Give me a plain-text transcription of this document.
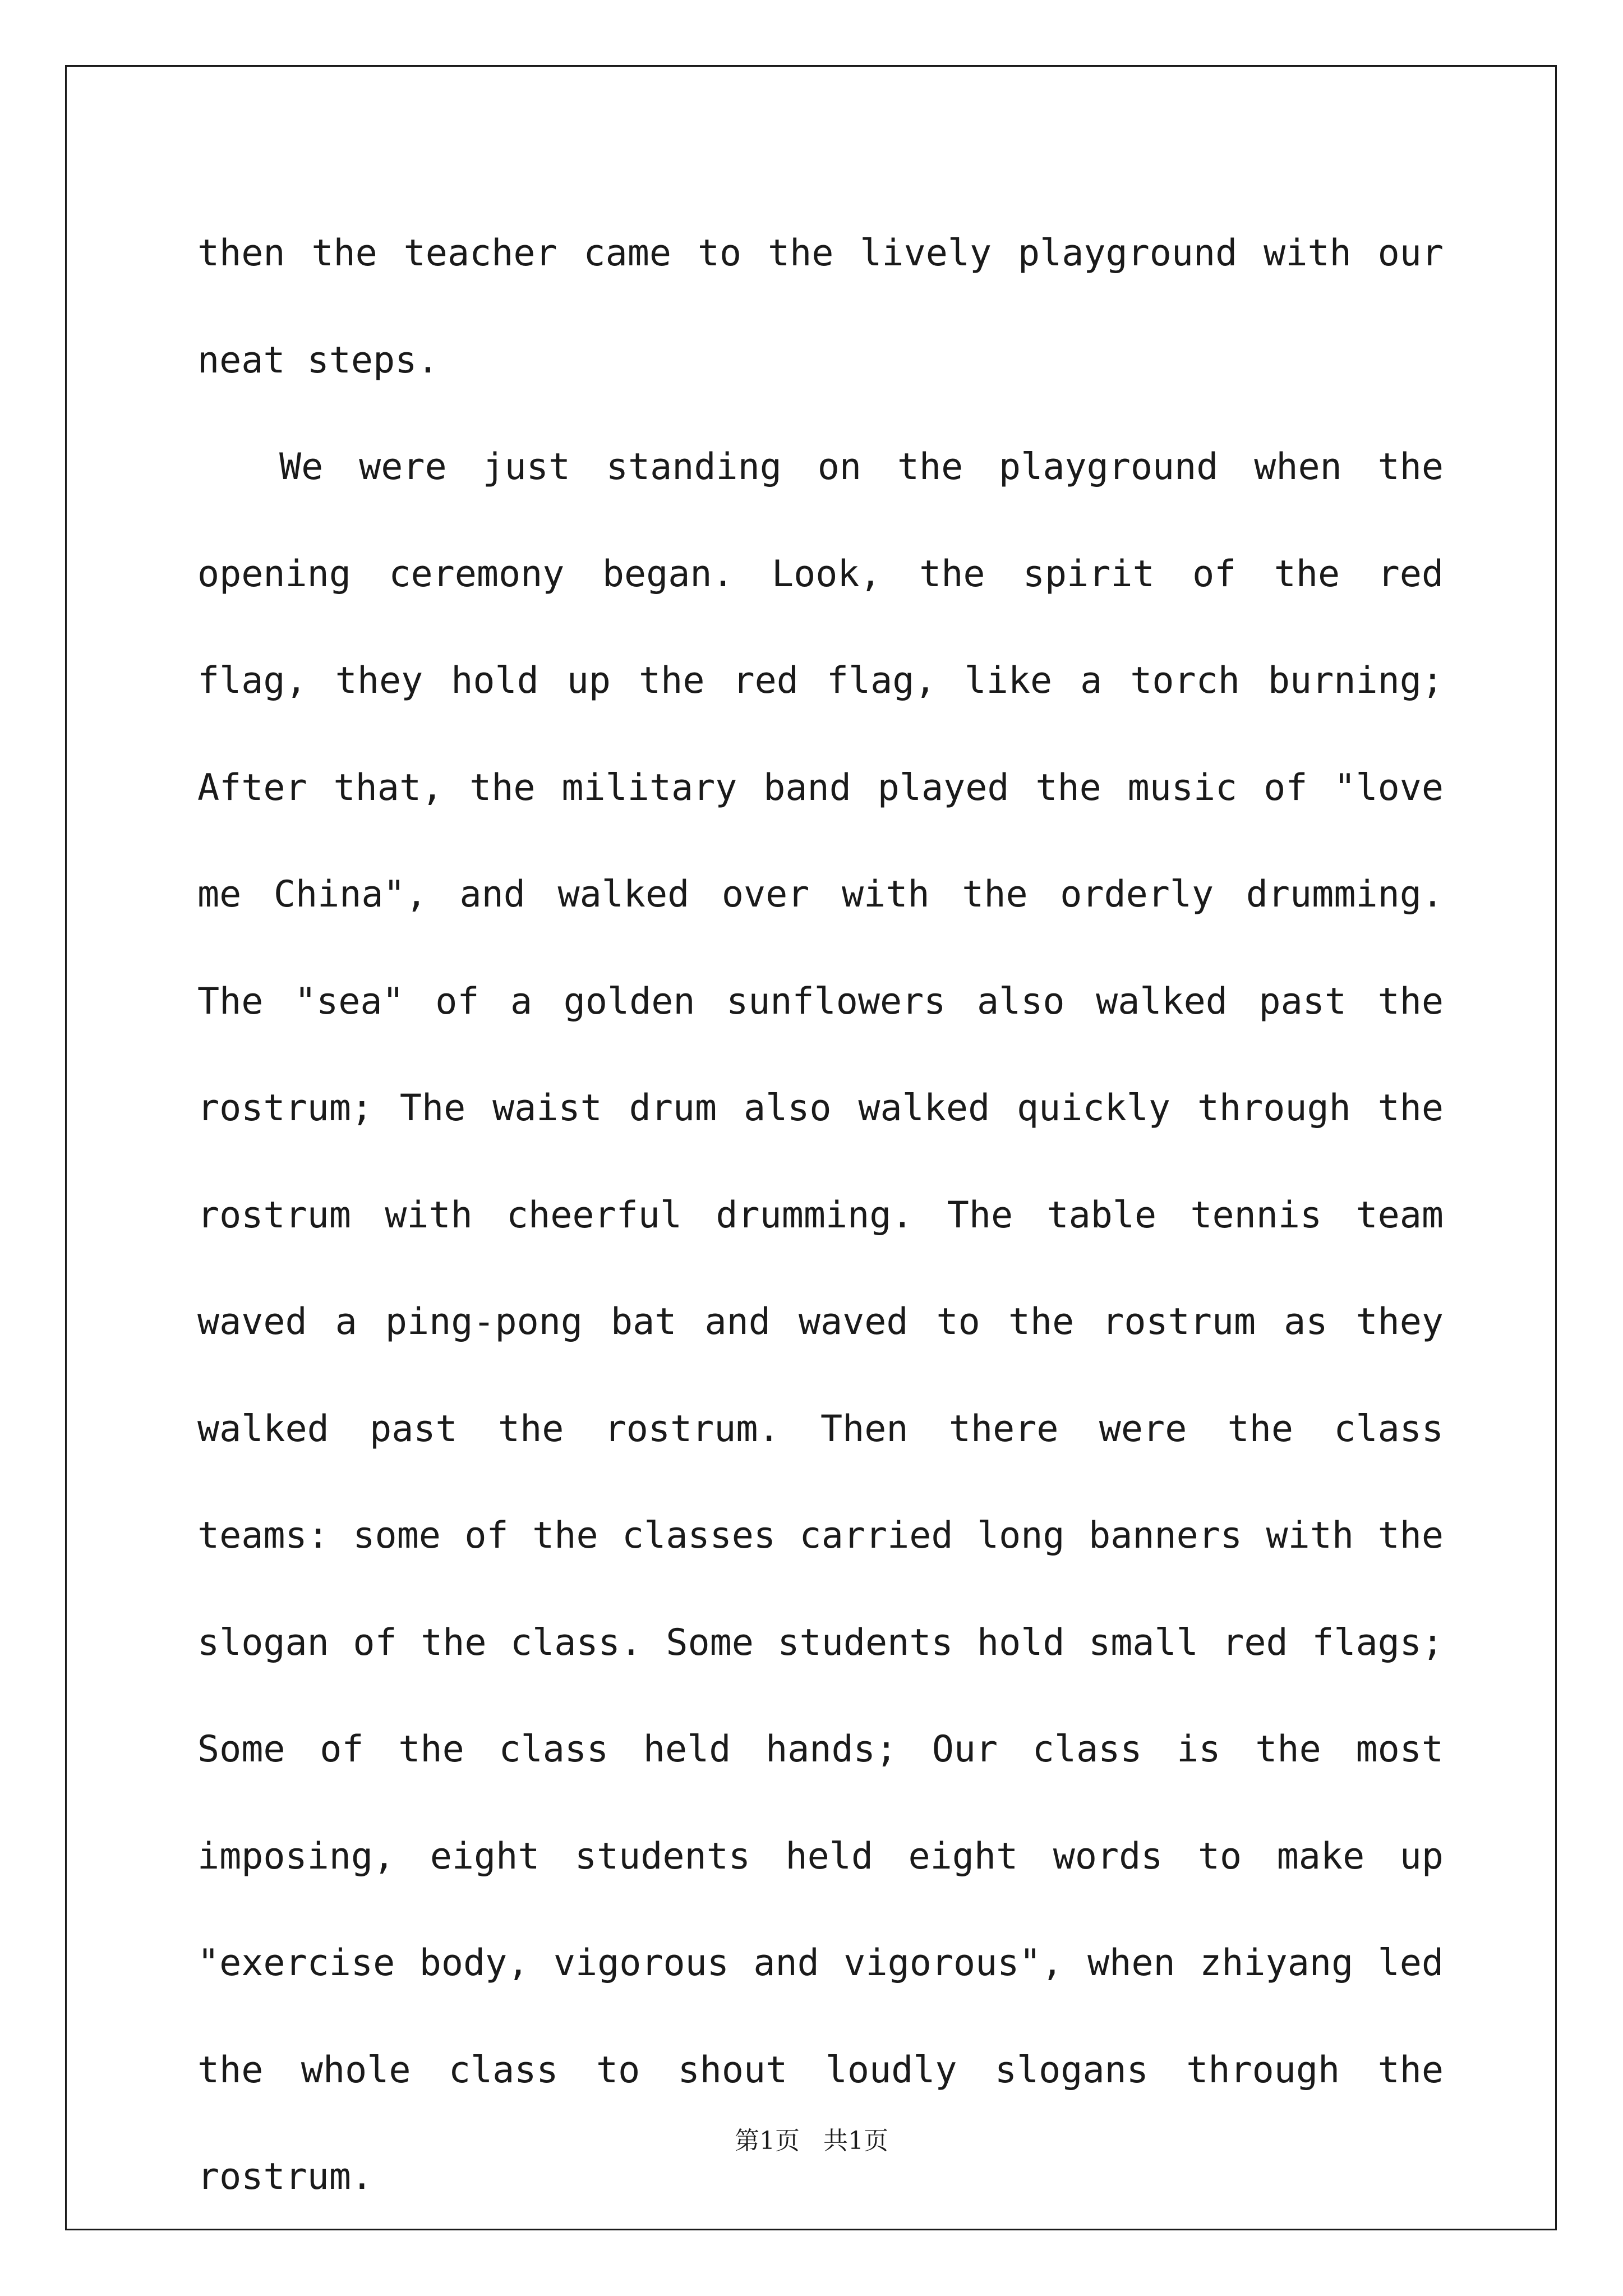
then the teacher came to the lively playground with our neat steps.

We were just standing on the playground when the opening ceremony began. Look, the spirit of the red flag, they hold up the red flag, like a torch burning; After that, the military band played the music of "love me China", and walked over with the orderly drumming. The "sea" of a golden sunflowers also walked past the rostrum; The waist drum also walked quickly through the rostrum with cheerful drumming. The table tennis team waved a ping-pong bat and waved to the rostrum as they walked past the rostrum. Then there were the class teams: some of the classes carried long banners with the slogan of the class. Some students hold small red flags; Some of the class held hands; Our class is the most imposing, eight students held eight words to make up "exercise body, vigorous and vigorous", when zhiyang led the whole class to shout loudly slogans through the rostrum.

第1页   共1页
